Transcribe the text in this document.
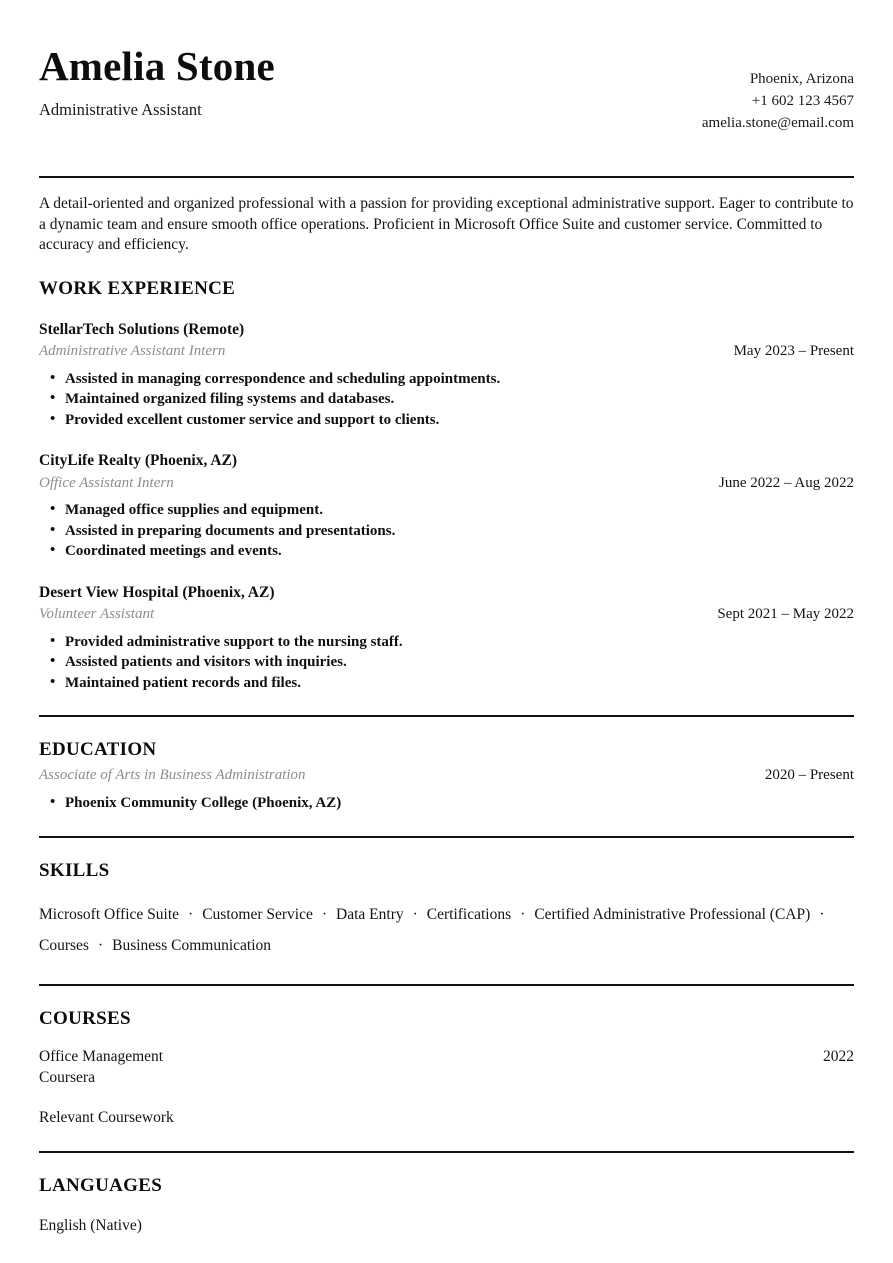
Amelia Stone
Administrative Assistant
Phoenix, Arizona
+1 602 123 4567
amelia.stone@email.com
A detail-oriented and organized professional with a passion for providing exceptional administrative support. Eager to contribute to a dynamic team and ensure smooth office operations. Proficient in Microsoft Office Suite and customer service. Committed to accuracy and efficiency.
WORK EXPERIENCE
StellarTech Solutions (Remote)
Administrative Assistant Intern	May 2023 – Present
• Assisted in managing correspondence and scheduling appointments.
• Maintained organized filing systems and databases.
• Provided excellent customer service and support to clients.
CityLife Realty (Phoenix, AZ)
Office Assistant Intern	June 2022 – Aug 2022
• Managed office supplies and equipment.
• Assisted in preparing documents and presentations.
• Coordinated meetings and events.
Desert View Hospital (Phoenix, AZ)
Volunteer Assistant	Sept 2021 – May 2022
• Provided administrative support to the nursing staff.
• Assisted patients and visitors with inquiries.
• Maintained patient records and files.
EDUCATION
Associate of Arts in Business Administration	2020 – Present
• Phoenix Community College (Phoenix, AZ)
SKILLS
Microsoft Office Suite · Customer Service · Data Entry · Certifications · Certified Administrative Professional (CAP) ·Courses · Business Communication
COURSES
Office Management	2022
Coursera
Relevant Coursework
LANGUAGES
English (Native)
